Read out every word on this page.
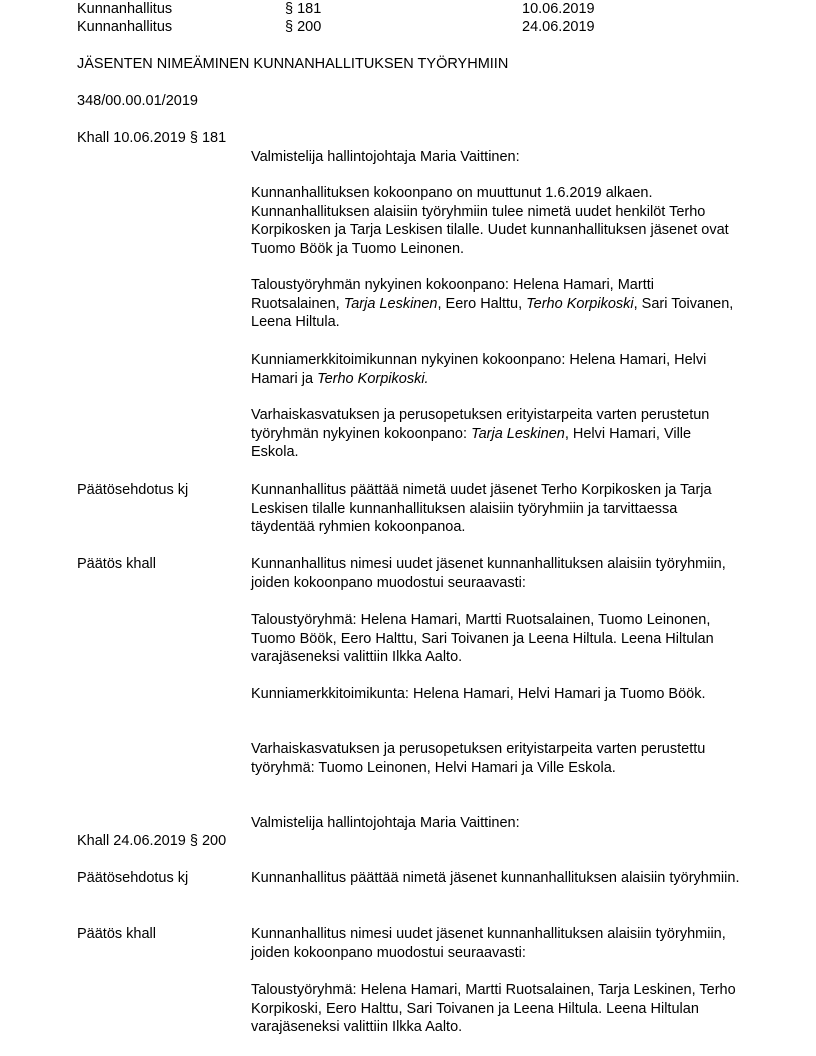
Kunnanhallitus	§ 181	10.06.2019
Kunnanhallitus	§ 200	24.06.2019
JÄSENTEN NIMEÄMINEN KUNNANHALLITUKSEN TYÖRYHMIIN
348/00.00.01/2019
Khall 10.06.2019 § 181
Valmistelija hallintojohtaja Maria Vaittinen:
Kunnanhallituksen kokoonpano on muuttunut 1.6.2019 alkaen. Kunnanhallituksen alaisiin työryhmiin tulee nimetä uudet henkilöt Terho Korpikosken ja Tarja Leskisen tilalle. Uudet kunnanhallituksen jäsenet ovat Tuomo Böök ja Tuomo Leinonen.
Taloustyöryhmän nykyinen kokoonpano: Helena Hamari, Martti Ruotsalainen, Tarja Leskinen, Eero Halttu, Terho Korpikoski, Sari Toivanen, Leena Hiltula.
Kunniamerkkitoimikunnan nykyinen kokoonpano: Helena Hamari, Helvi Hamari ja Terho Korpikoski.
Varhaiskasvatuksen ja perusopetuksen erityistarpeita varten perustetun työryhmän nykyinen kokoonpano: Tarja Leskinen, Helvi Hamari, Ville Eskola.
Päätösehdotus kj	Kunnanhallitus päättää nimetä uudet jäsenet Terho Korpikosken ja Tarja Leskisen tilalle kunnanhallituksen alaisiin työryhmiin ja tarvittaessa täydentää ryhmien kokoonpanoa.
Päätös khall	Kunnanhallitus nimesi uudet jäsenet kunnanhallituksen alaisiin työryhmiin, joiden kokoonpano muodostui seuraavasti:
Taloustyöryhmä: Helena Hamari, Martti Ruotsalainen, Tuomo Leinonen, Tuomo Böök, Eero Halttu, Sari Toivanen ja Leena Hiltula. Leena Hiltulan varajäseneksi valittiin Ilkka Aalto.
Kunniamerkkitoimikunta: Helena Hamari, Helvi Hamari ja Tuomo Böök.
Varhaiskasvatuksen ja perusopetuksen erityistarpeita varten perustettu työryhmä: Tuomo Leinonen, Helvi Hamari ja Ville Eskola.
Valmistelija hallintojohtaja Maria Vaittinen:
Khall 24.06.2019 § 200
Päätösehdotus kj	Kunnanhallitus päättää nimetä jäsenet kunnanhallituksen alaisiin työryhmiin.
Päätös khall	Kunnanhallitus nimesi uudet jäsenet kunnanhallituksen alaisiin työryhmiin, joiden kokoonpano muodostui seuraavasti:
Taloustyöryhmä: Helena Hamari, Martti Ruotsalainen, Tarja Leskinen, Terho Korpikoski, Eero Halttu, Sari Toivanen ja Leena Hiltula. Leena Hiltulan varajäseneksi valittiin Ilkka Aalto.
